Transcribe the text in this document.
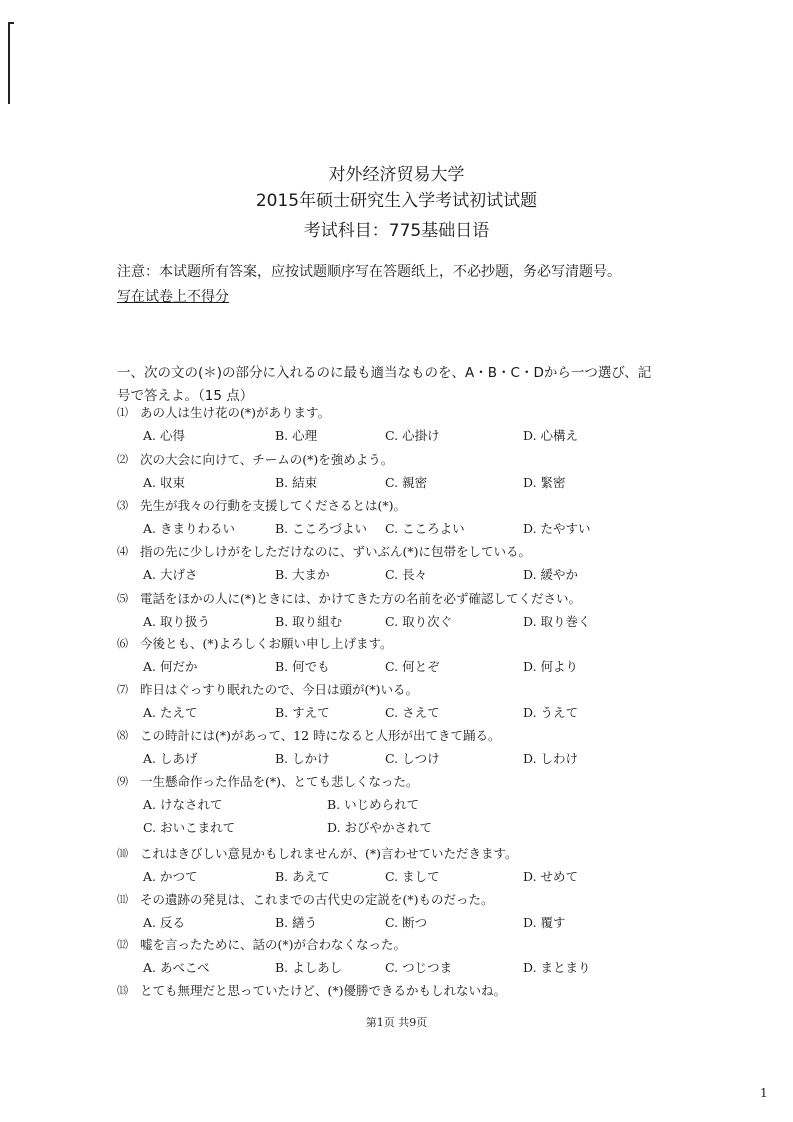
对外经济贸易大学
2015年硕士研究生入学考试初试试题
考试科目：775基础日语
注意：本试题所有答案，应按试题顺序写在答题纸上，不必抄题，务必写清题号。
写在试卷上不得分
一、次の文の(＊)の部分に入れるのに最も適当なものを、A・B・C・Dから一つ選び、記
号で答えよ。（15 点）
⑴ あの人は生け花の(*)があります。
A. 心得	B. 心理	C. 心掛け	D. 心構え
⑵ 次の大会に向けて、チームの(*)を強めよう。
A. 収束	B. 結束	C. 親密	D. 緊密
⑶ 先生が我々の行動を支援してくださるとは(*)。
A. きまりわるい	B. こころづよい C. こころよい	D. たやすい
⑷ 指の先に少しけがをしただけなのに、ずいぶん(*)に包帯をしている。
A. 大げさ	B. 大まか	C. 長々	D. 緩やか
⑸ 電話をほかの人に(*)ときには、かけてきた方の名前を必ず確認してください。
A. 取り扱う	B. 取り組む	C. 取り次ぐ	D. 取り巻く
⑹ 今後とも、(*)よろしくお願い申し上げます。
A. 何だか	B. 何でも	C. 何とぞ	D. 何より
⑺ 昨日はぐっすり眠れたので、今日は頭が(*)いる。
A. たえて	B. すえて	C. さえて	D. うえて
⑻ この時計には(*)があって、12 時になると人形が出てきて踊る。
A. しあげ	B. しかけ	C. しつけ	D. しわけ
⑼ 一生懸命作った作品を(*)、とても悲しくなった。
A. けなされて	B. いじめられて
C. おいこまれて	D. おびやかされて
⑽ これはきびしい意見かもしれませんが、(*)言わせていただきます。
A. かつて	B. あえて	C. まして	D. せめて
⑾ その遺跡の発見は、これまでの古代史の定説を(*)ものだった。
A. 反る	B. 繕う	C. 断つ	D. 覆す
⑿ 嘘を言ったために、話の(*)が合わなくなった。
A. あべこべ	B. よしあし	C. つじつま	D. まとまり
⒀ とても無理だと思っていたけど、(*)優勝できるかもしれないね。
第1页 共9页
1
